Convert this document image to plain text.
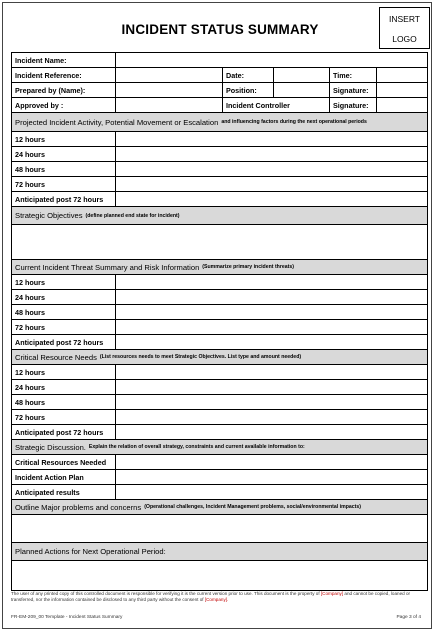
INSERT
LOGO
INCIDENT STATUS SUMMARY
Incident Name:
Incident Reference:	Date:	Time:
Prepared by (Name):	Position:	Signature:
Approved by :	Incident Controller	Signature:
Projected Incident Activity, Potential Movement or Escalation and influencing factors during the next operational periods
12 hours
24 hours
48 hours
72 hours
Anticipated post 72 hours
Strategic Objectives (define planned end state for incident)
Current Incident Threat Summary and Risk Information (Summarize primary incident threats)
12 hours
24 hours
48 hours
72 hours
Anticipated post 72 hours
Critical Resource Needs (List resources needs to meet Strategic Objectives. List type and amount needed)
12 hours
24 hours
48 hours
72 hours
Anticipated post 72 hours
Strategic Discussion. Explain the relation of overall strategy, constraints and current available information to:
Critical Resources Needed
Incident Action Plan
Anticipated results
Outline Major problems and concerns (Operational challenges, Incident Management problems, social/environmental impacts)
Planned Actions for Next Operational Period:
The user of any printed copy of this controlled document is responsible for verifying it is the current version prior to use. This document is the property of [Company] and cannot be copied, loaned or transferred, nor the information contained be disclosed to any third party without the consent of [Company].
FR-EM-209_00 Template - Incident Status Summary	Page 3 of 4
